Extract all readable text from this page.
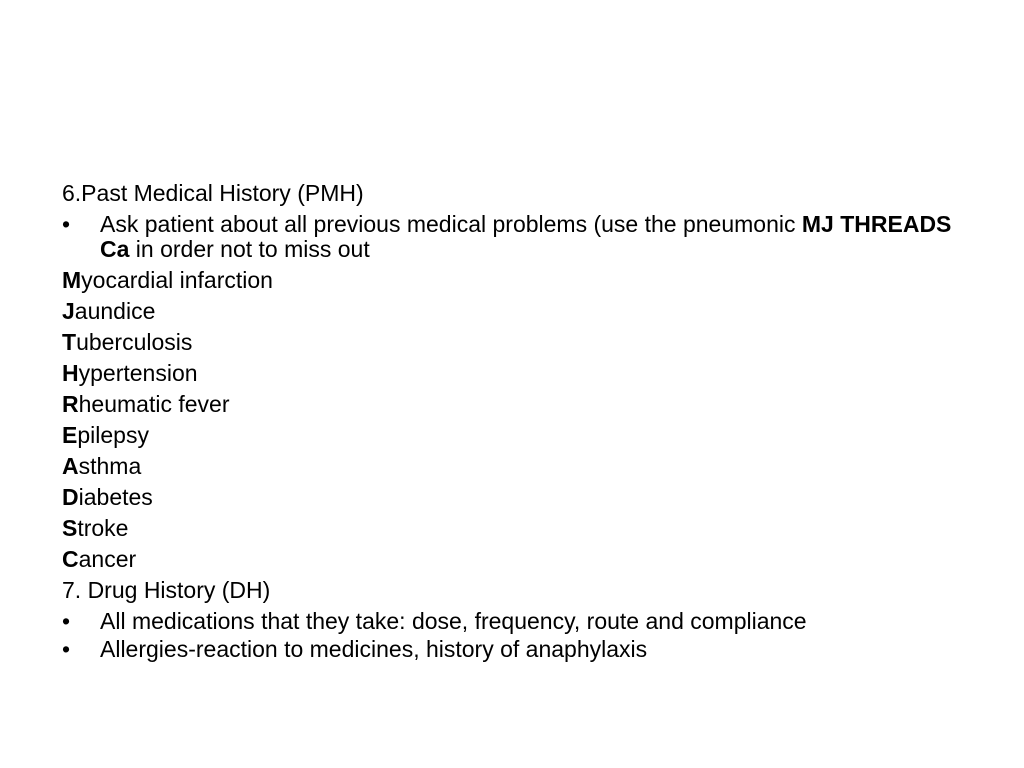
6.Past Medical History (PMH)

• Ask patient about all previous medical problems (use the pneumonic MJ THREADS Ca in order not to miss out

Myocardial infarction

Jaundice

Tuberculosis

Hypertension

Rheumatic fever

Epilepsy

Asthma

Diabetes

Stroke

Cancer

7. Drug History (DH)

• All medications that they take: dose, frequency, route and compliance
• Allergies-reaction to medicines, history of anaphylaxis
